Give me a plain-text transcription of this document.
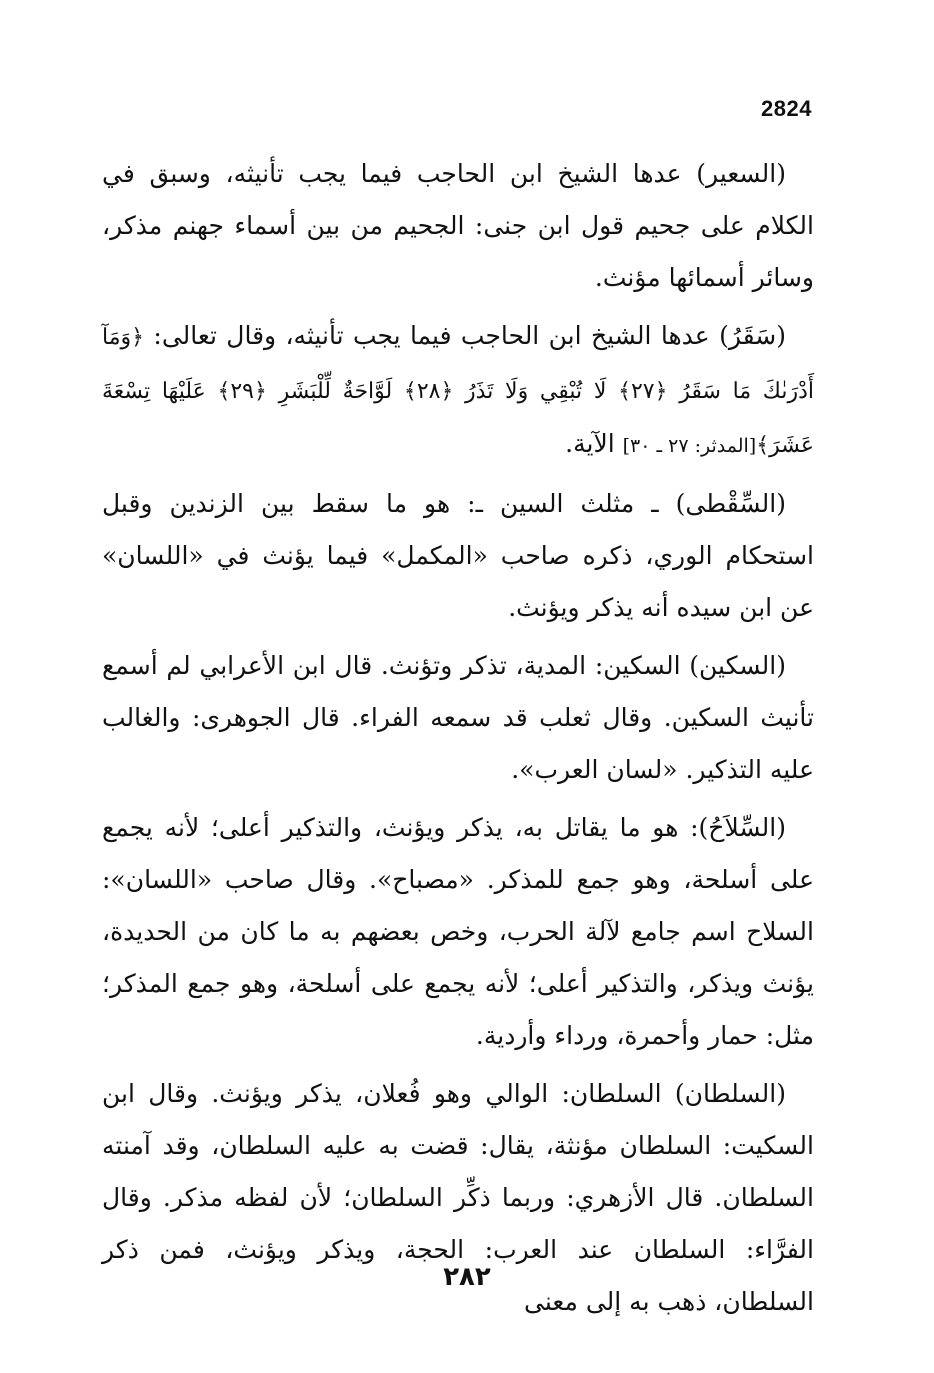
2824

(السعير) عدها الشيخ ابن الحاجب فيما يجب تأنيثه، وسبق في الكلام على جحيم قول ابن جنى: الجحيم من بين أسماء جهنم مذكر، وسائر أسمائها مؤنث.

(سَقَرُ) عدها الشيخ ابن الحاجب فيما يجب تأنيثه، وقال تعالى: ﴿وَمَآ أَدْرَىٰكَ مَا سَقَرُ ﴿٢٧﴾ لَا تُبْقِي وَلَا تَذَرُ ﴿٢٨﴾ لَوَّاحَةٌ لِّلْبَشَرِ ﴿٢٩﴾ عَلَيْهَا تِسْعَةَ عَشَرَ﴾[المدثر: ٢٧ ـ ٣٠] الآية.

(السِّقْطى) ـ مثلث السين ـ: هو ما سقط بين الزندين وقبل استحكام الوري، ذكره صاحب «المكمل» فيما يؤنث في «اللسان» عن ابن سيده أنه يذكر ويؤنث.

(السكين) السكين: المدية، تذكر وتؤنث. قال ابن الأعرابي لم أسمع تأنيث السكين. وقال ثعلب قد سمعه الفراء. قال الجوهرى: والغالب عليه التذكير. «لسان العرب».

(السِّلاَحُ): هو ما يقاتل به، يذكر ويؤنث، والتذكير أعلى؛ لأنه يجمع على أسلحة، وهو جمع للمذكر. «مصباح». وقال صاحب «اللسان»: السلاح اسم جامع لآلة الحرب، وخص بعضهم به ما كان من الحديدة، يؤنث ويذكر، والتذكير أعلى؛ لأنه يجمع على أسلحة، وهو جمع المذكر؛ مثل: حمار وأحمرة، ورداء وأردية.

(السلطان) السلطان: الوالي وهو فُعلان، يذكر ويؤنث. وقال ابن السكيت: السلطان مؤنثة، يقال: قضت به عليه السلطان، وقد آمنته السلطان. قال الأزهري: وربما ذكِّر السلطان؛ لأن لفظه مذكر. وقال الفرَّاء: السلطان عند العرب: الحجة، ويذكر ويؤنث، فمن ذكر السلطان، ذهب به إلى معنى

٢٨٢
